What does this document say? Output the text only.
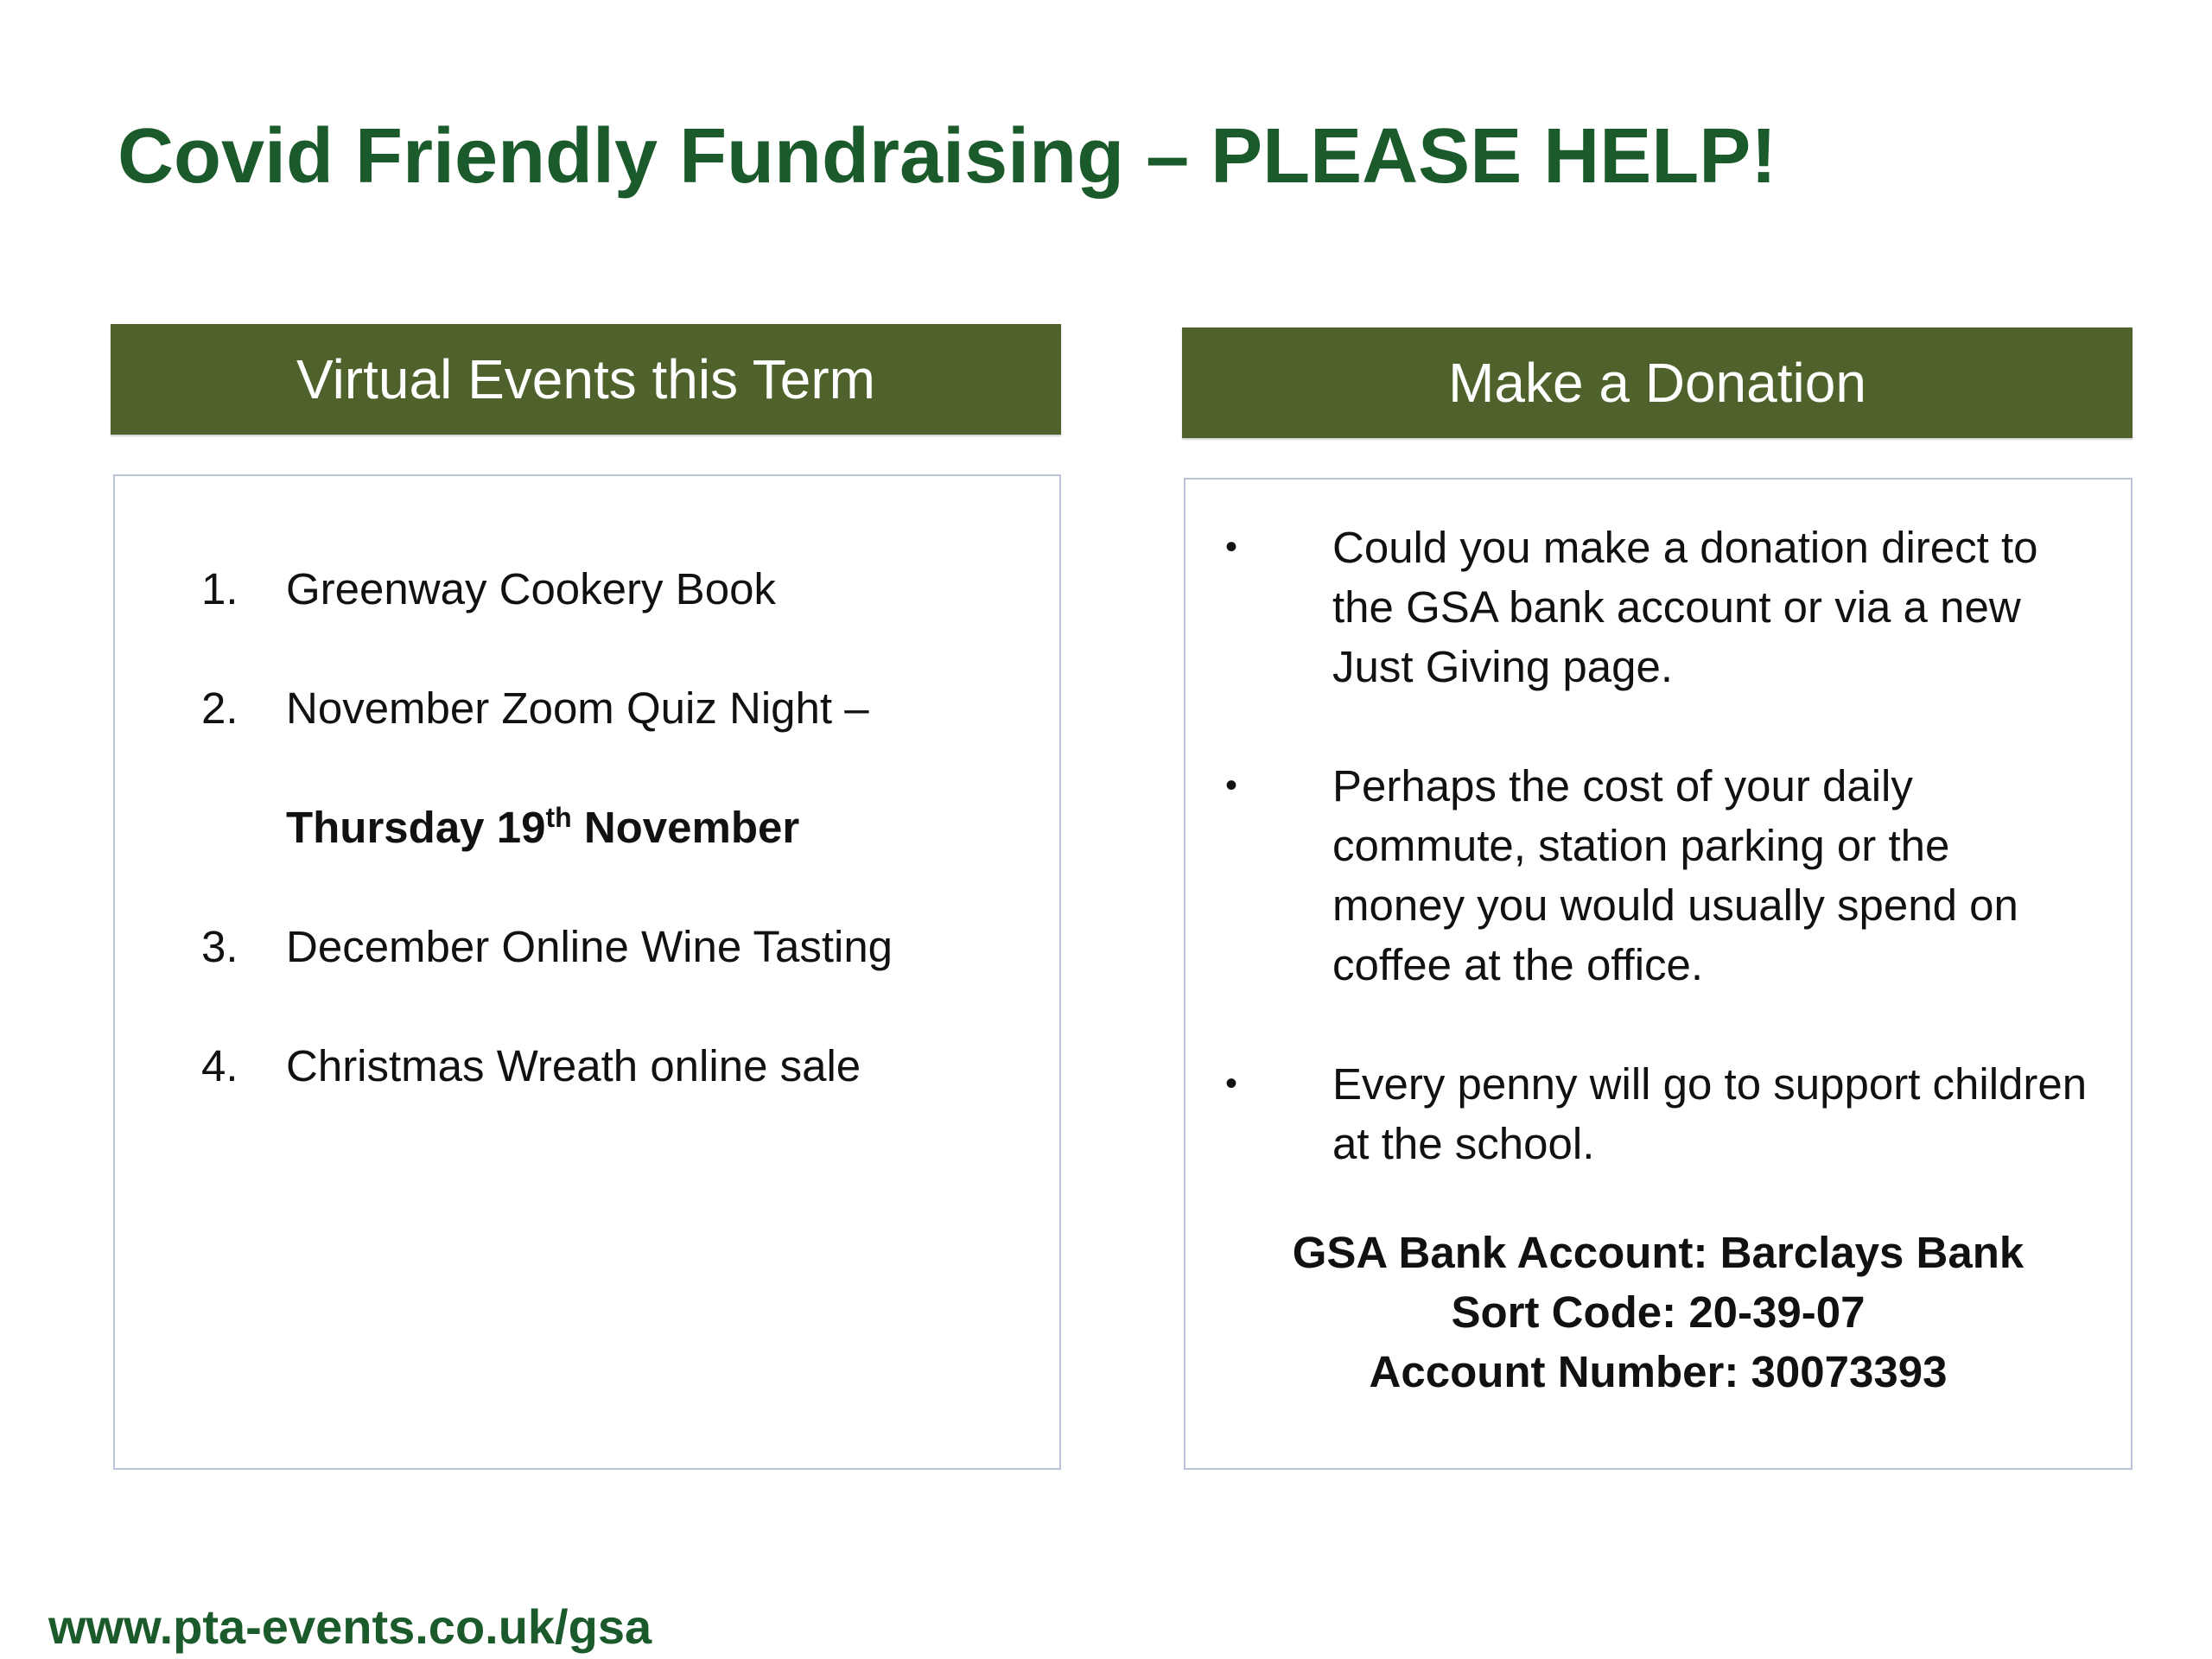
Covid Friendly Fundraising – PLEASE HELP!
Virtual Events this Term	Make a Donation
1. Greenway Cookery Book
2. November Zoom Quiz Night –
Thursday 19th November
3. December Online Wine Tasting
4. Christmas Wreath online sale
• Could you make a donation direct to the GSA bank account or via a new Just Giving page.
• Perhaps the cost of your daily commute, station parking or the money you would usually spend on coffee at the office.
• Every penny will go to support children at the school.
GSA Bank Account: Barclays Bank
Sort Code: 20-39-07
Account Number: 30073393
www.pta-events.co.uk/gsa
